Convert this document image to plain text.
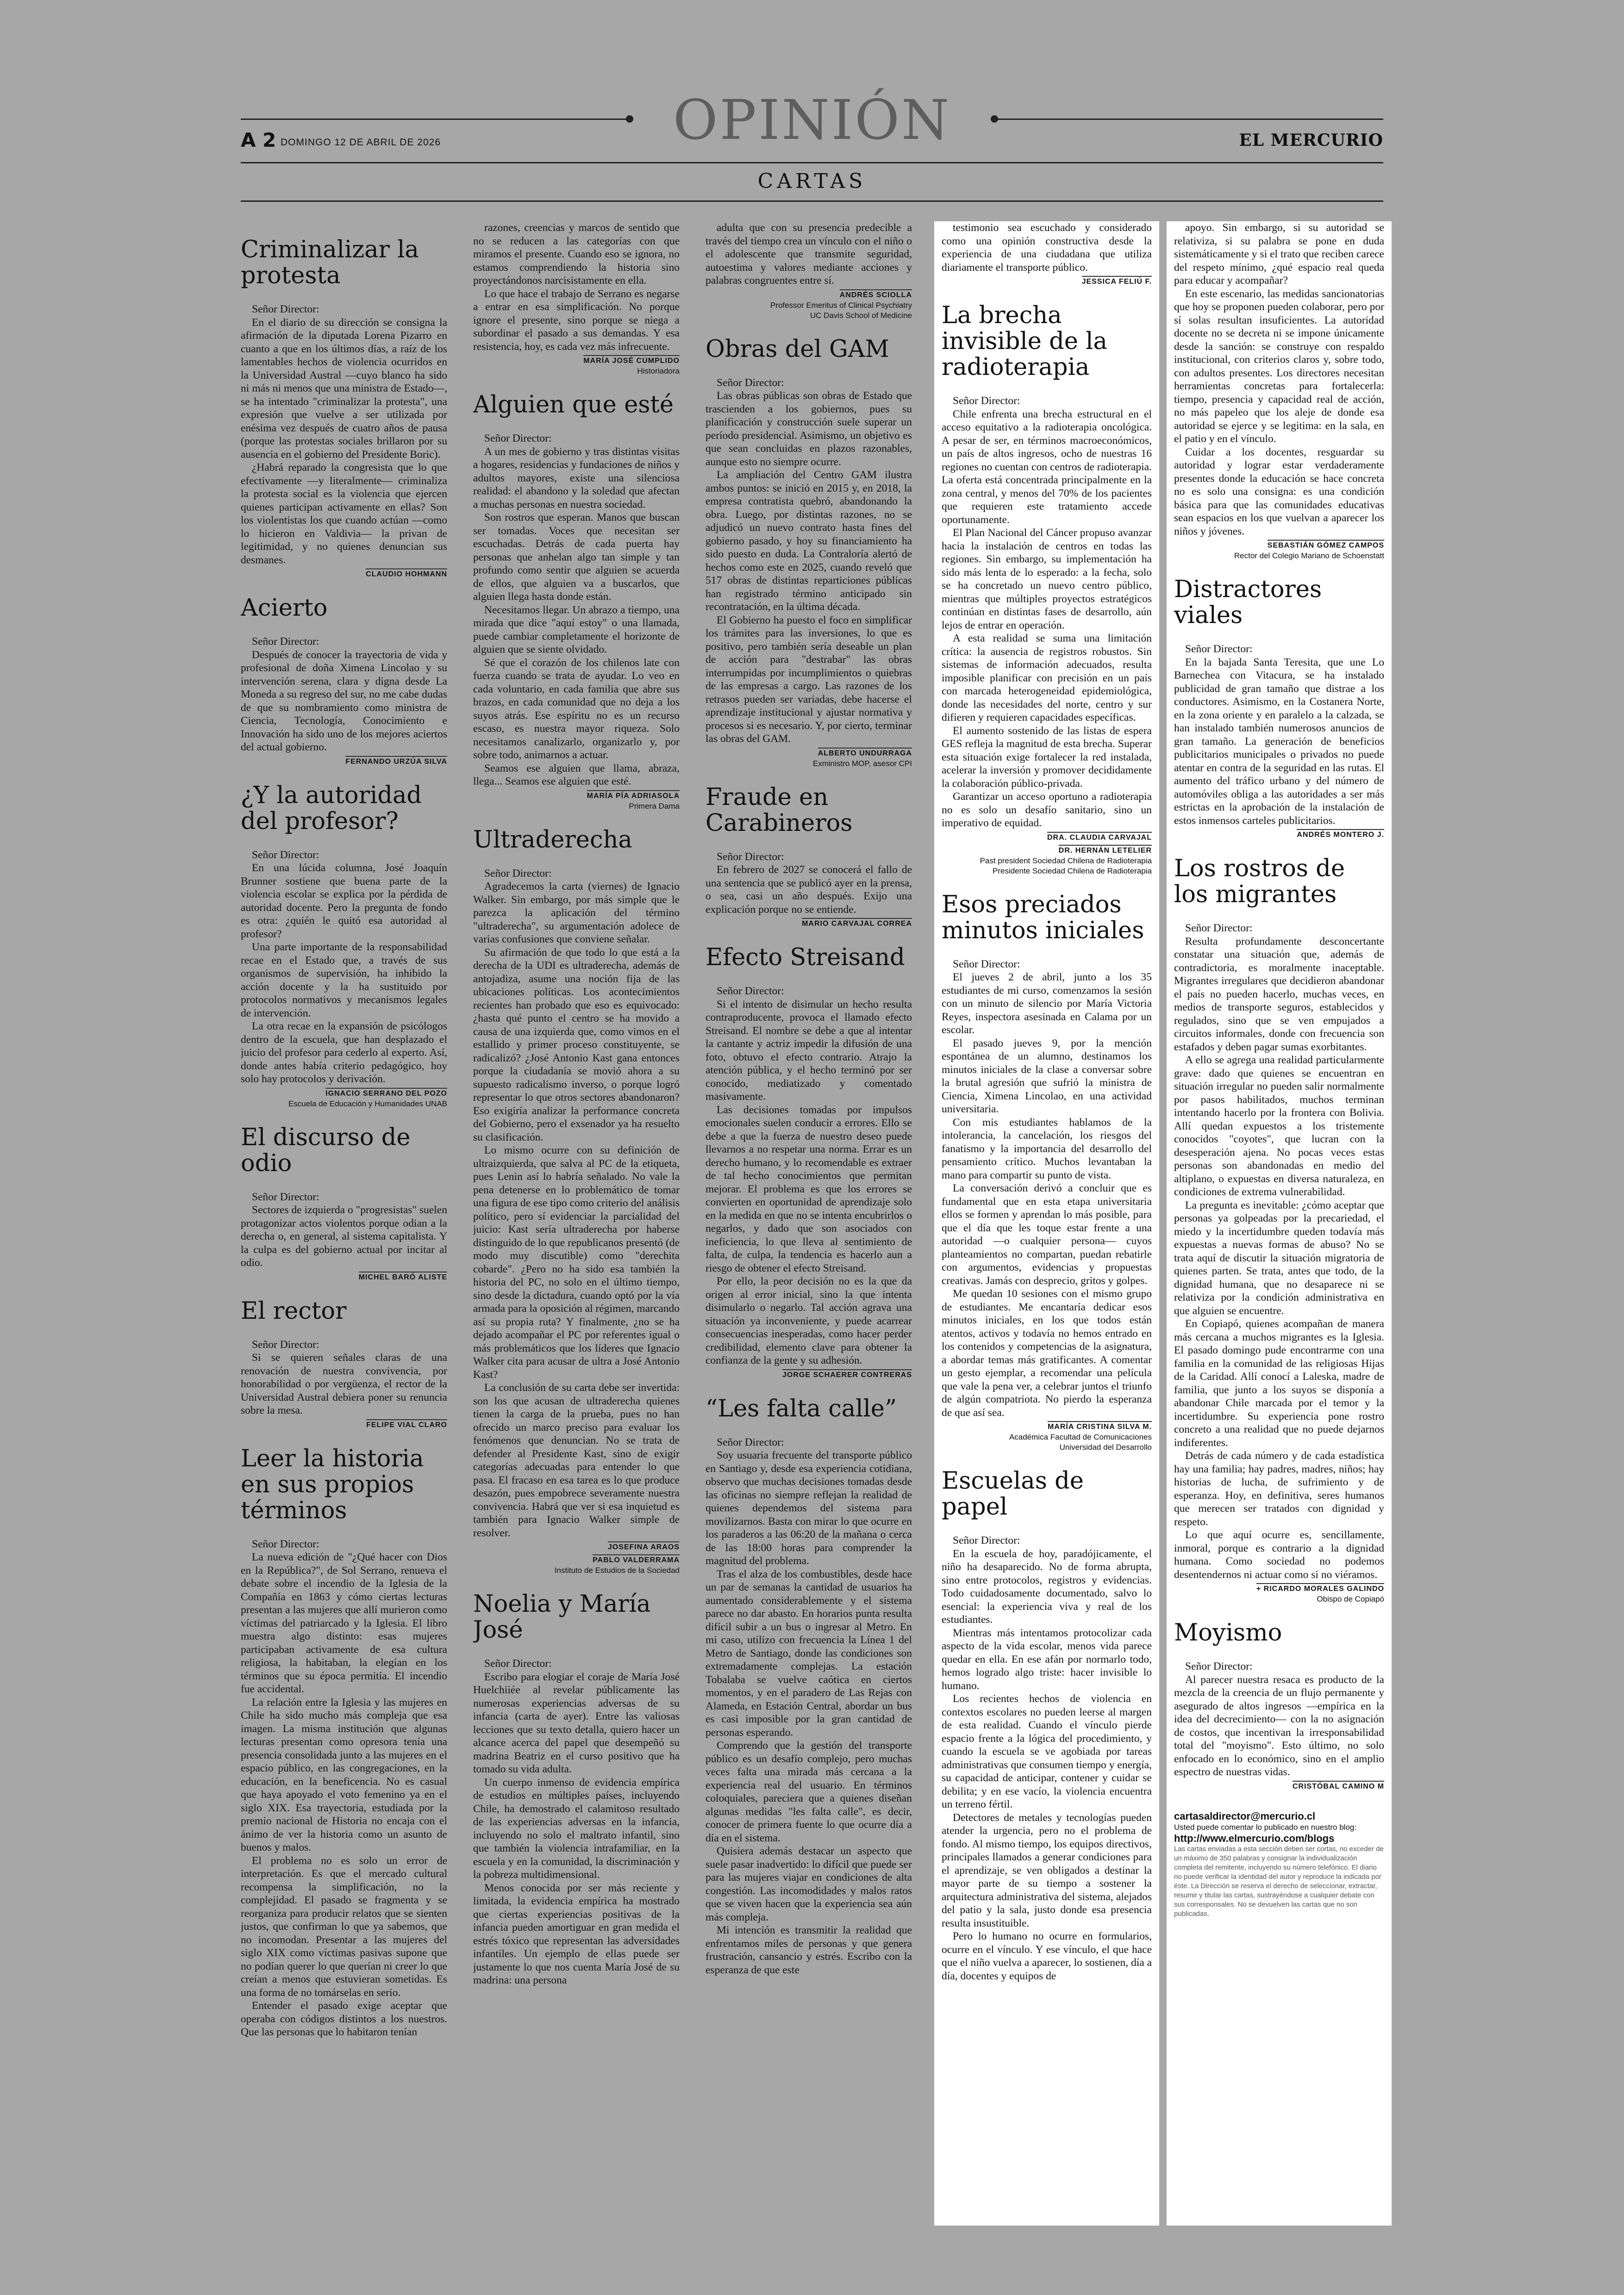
OPINIÓN
A 2 DOMINGO 12 DE ABRIL DE 2026	EL MERCURIO
CARTAS
Criminalizar la protesta

Señor Director:

En el diario de su dirección se consigna la afirmación de la diputada Lorena Pizarro en cuanto a que en los últimos días, a raíz de los lamentables hechos de violencia ocurridos en la Universidad Austral —cuyo blanco ha sido ni más ni menos que una ministra de Estado—, se ha intentado "criminalizar la protesta", una expresión que vuelve a ser utilizada por enésima vez después de cuatro años de pausa (porque las protestas sociales brillaron por su ausencia en el gobierno del Presidente Boric).

¿Habrá reparado la congresista que lo que efectivamente —y literalmente— criminaliza la protesta social es la violencia que ejercen quienes participan activamente en ellas? Son los violentistas los que cuando actúan —como lo hicieron en Valdivia— la privan de legitimidad, y no quienes denuncian sus desmanes.

CLAUDIO HOHMANN
Acierto

Señor Director:

Después de conocer la trayectoria de vida y profesional de doña Ximena Lincolao y su intervención serena, clara y digna desde La Moneda a su regreso del sur, no me cabe dudas de que su nombramiento como ministra de Ciencia, Tecnología, Conocimiento e Innovación ha sido uno de los mejores aciertos del actual gobierno.

FERNANDO URZÚA SILVA
¿Y la autoridad del profesor?

Señor Director:

En una lúcida columna, José Joaquín Brunner sostiene que buena parte de la violencia escolar se explica por la pérdida de autoridad docente. Pero la pregunta de fondo es otra: ¿quién le quitó esa autoridad al profesor?

Una parte importante de la responsabilidad recae en el Estado que, a través de sus organismos de supervisión, ha inhibido la acción docente y la ha sustituido por protocolos normativos y mecanismos legales de intervención.

La otra recae en la expansión de psicólogos dentro de la escuela, que han desplazado el juicio del profesor para cederlo al experto. Así, donde antes había criterio pedagógico, hoy solo hay protocolos y derivación.

IGNACIO SERRANO DEL POZO
Escuela de Educación y Humanidades UNAB
El discurso de odio

Señor Director:

Sectores de izquierda o "progresistas" suelen protagonizar actos violentos porque odian a la derecha o, en general, al sistema capitalista. Y la culpa es del gobierno actual por incitar al odio.

MICHEL BARÓ ALISTE
El rector

Señor Director:

Si se quieren señales claras de una renovación de nuestra convivencia, por honorabilidad o por vergüenza, el rector de la Universidad Austral debiera poner su renuncia sobre la mesa.

FELIPE VIAL CLARO
Leer la historia en sus propios términos

Señor Director:

La nueva edición de "¿Qué hacer con Dios en la República?", de Sol Serrano, renueva el debate sobre el incendio de la Iglesia de la Compañía en 1863 y cómo ciertas lecturas presentan a las mujeres que allí murieron como víctimas del patriarcado y la Iglesia. El libro muestra algo distinto: esas mujeres participaban activamente de esa cultura religiosa, la habitaban, la elegían en los términos que su época permitía. El incendio fue accidental.

La relación entre la Iglesia y las mujeres en Chile ha sido mucho más compleja que esa imagen. La misma institución que algunas lecturas presentan como opresora tenía una presencia consolidada junto a las mujeres en el espacio público, en las congregaciones, en la educación, en la beneficencia. No es casual que haya apoyado el voto femenino ya en el siglo XIX. Esa trayectoria, estudiada por la premio nacional de Historia no encaja con el ánimo de ver la historia como un asunto de buenos y malos.

El problema no es solo un error de interpretación. Es que el mercado cultural recompensa la simplificación, no la complejidad. El pasado se fragmenta y se reorganiza para producir relatos que se sienten justos, que confirman lo que ya sabemos, que no incomodan. Presentar a las mujeres del siglo XIX como víctimas pasivas supone que no podían querer lo que querían ni creer lo que creían a menos que estuvieran sometidas. Es una forma de no tomárselas en serio.

Entender el pasado exige aceptar que operaba con códigos distintos a los nuestros. Que las personas que lo habitaron tenían

razones, creencias y marcos de sentido que no se reducen a las categorías con que miramos el presente. Cuando eso se ignora, no estamos comprendiendo la historia sino proyectándonos narcisistamente en ella.

Lo que hace el trabajo de Serrano es negarse a entrar en esa simplificación. No porque ignore el presente, sino porque se niega a subordinar el pasado a sus demandas. Y esa resistencia, hoy, es cada vez más infrecuente.

MARÍA JOSÉ CUMPLIDO
Historiadora
Alguien que esté

Señor Director:

A un mes de gobierno y tras distintas visitas a hogares, residencias y fundaciones de niños y adultos mayores, existe una silenciosa realidad: el abandono y la soledad que afectan a muchas personas en nuestra sociedad.

Son rostros que esperan. Manos que buscan ser tomadas. Voces que necesitan ser escuchadas. Detrás de cada puerta hay personas que anhelan algo tan simple y tan profundo como sentir que alguien se acuerda de ellos, que alguien va a buscarlos, que alguien llega hasta donde están.

Necesitamos llegar. Un abrazo a tiempo, una mirada que dice "aquí estoy" o una llamada, puede cambiar completamente el horizonte de alguien que se siente olvidado.

Sé que el corazón de los chilenos late con fuerza cuando se trata de ayudar. Lo veo en cada voluntario, en cada familia que abre sus brazos, en cada comunidad que no deja a los suyos atrás. Ese espíritu no es un recurso escaso, es nuestra mayor riqueza. Solo necesitamos canalizarlo, organizarlo y, por sobre todo, animarnos a actuar.

Seamos ese alguien que llama, abraza, llega... Seamos ese alguien que esté.

MARÍA PÍA ADRIASOLA
Primera Dama
Ultraderecha

Señor Director:

Agradecemos la carta (viernes) de Ignacio Walker. Sin embargo, por más simple que le parezca la aplicación del término "ultraderecha", su argumentación adolece de varias confusiones que conviene señalar.

Su afirmación de que todo lo que está a la derecha de la UDI es ultraderecha, además de antojadiza, asume una noción fija de las ubicaciones políticas. Los acontecimientos recientes han probado que eso es equivocado: ¿hasta qué punto el centro se ha movido a causa de una izquierda que, como vimos en el estallido y primer proceso constituyente, se radicalizó? ¿José Antonio Kast gana entonces porque la ciudadanía se movió ahora a su supuesto radicalismo inverso, o porque logró representar lo que otros sectores abandonaron? Eso exigiría analizar la performance concreta del Gobierno, pero el exsenador ya ha resuelto su clasificación.

Lo mismo ocurre con su definición de ultraizquierda, que salva al PC de la etiqueta, pues Lenin así lo habría señalado. No vale la pena detenerse en lo problemático de tomar una figura de ese tipo como criterio del análisis político, pero sí evidenciar la parcialidad del juicio: Kast sería ultraderecha por haberse distinguido de lo que republicanos presentó (de modo muy discutible) como "derechita cobarde". ¿Pero no ha sido esa también la historia del PC, no solo en el último tiempo, sino desde la dictadura, cuando optó por la vía armada para la oposición al régimen, marcando así su propia ruta? Y finalmente, ¿no se ha dejado acompañar el PC por referentes igual o más problemáticos que los líderes que Ignacio Walker cita para acusar de ultra a José Antonio Kast?

La conclusión de su carta debe ser invertida: son los que acusan de ultraderecha quienes tienen la carga de la prueba, pues no han ofrecido un marco preciso para evaluar los fenómenos que denuncian. No se trata de defender al Presidente Kast, sino de exigir categorías adecuadas para entender lo que pasa. El fracaso en esa tarea es lo que produce desazón, pues empobrece severamente nuestra convivencia. Habrá que ver si esa inquietud es también para Ignacio Walker simple de resolver.

JOSEFINA ARAOS
PABLO VALDERRAMA
Instituto de Estudios de la Sociedad
Noelia y María José

Señor Director:

Escribo para elogiar el coraje de María José Huelchiiée al revelar públicamente las numerosas experiencias adversas de su infancia (carta de ayer). Entre las valiosas lecciones que su texto detalla, quiero hacer un alcance acerca del papel que desempeñó su madrina Beatriz en el curso positivo que ha tomado su vida adulta.

Un cuerpo inmenso de evidencia empírica de estudios en múltiples países, incluyendo Chile, ha demostrado el calamitoso resultado de las experiencias adversas en la infancia, incluyendo no solo el maltrato infantil, sino que también la violencia intrafamiliar, en la escuela y en la comunidad, la discriminación y la pobreza multidimensional.

Menos conocida por ser más reciente y limitada, la evidencia empírica ha mostrado que ciertas experiencias positivas de la infancia pueden amortiguar en gran medida el estrés tóxico que representan las adversidades infantiles. Un ejemplo de ellas puede ser justamente lo que nos cuenta María José de su madrina: una persona

adulta que con su presencia predecible a través del tiempo crea un vínculo con el niño o el adolescente que transmite seguridad, autoestima y valores mediante acciones y palabras congruentes entre sí.

ANDRÉS SCIOLLA
Professor Emeritus of Clinical Psychiatry
UC Davis School of Medicine
Obras del GAM

Señor Director:

Las obras públicas son obras de Estado que trascienden a los gobiernos, pues su planificación y construcción suele superar un período presidencial. Asimismo, un objetivo es que sean concluidas en plazos razonables, aunque esto no siempre ocurre.

La ampliación del Centro GAM ilustra ambos puntos: se inició en 2015 y, en 2018, la empresa contratista quebró, abandonando la obra. Luego, por distintas razones, no se adjudicó un nuevo contrato hasta fines del gobierno pasado, y hoy su financiamiento ha sido puesto en duda. La Contraloría alertó de hechos como este en 2025, cuando reveló que 517 obras de distintas reparticiones públicas han registrado término anticipado sin recontratación, en la última década.

El Gobierno ha puesto el foco en simplificar los trámites para las inversiones, lo que es positivo, pero también sería deseable un plan de acción para "destrabar" las obras interrumpidas por incumplimientos o quiebras de las empresas a cargo. Las razones de los retrasos pueden ser variadas, debe hacerse el aprendizaje institucional y ajustar normativa y procesos si es necesario. Y, por cierto, terminar las obras del GAM.

ALBERTO UNDURRAGA
Exministro MOP, asesor CPI
Fraude en Carabineros

Señor Director:

En febrero de 2027 se conocerá el fallo de una sentencia que se publicó ayer en la prensa, o sea, casi un año después. Exijo una explicación porque no se entiende.

MARIO CARVAJAL CORREA
Efecto Streisand

Señor Director:

Si el intento de disimular un hecho resulta contraproducente, provoca el llamado efecto Streisand. El nombre se debe a que al intentar la cantante y actriz impedir la difusión de una foto, obtuvo el efecto contrario. Atrajo la atención pública, y el hecho terminó por ser conocido, mediatizado y comentado masivamente.

Las decisiones tomadas por impulsos emocionales suelen conducir a errores. Ello se debe a que la fuerza de nuestro deseo puede llevarnos a no respetar una norma. Errar es un derecho humano, y lo recomendable es extraer de tal hecho conocimientos que permitan mejorar. El problema es que los errores se convierten en oportunidad de aprendizaje solo en la medida en que no se intenta encubrirlos o negarlos, y dado que son asociados con ineficiencia, lo que lleva al sentimiento de falta, de culpa, la tendencia es hacerlo aun a riesgo de obtener el efecto Streisand.

Por ello, la peor decisión no es la que da origen al error inicial, sino la que intenta disimularlo o negarlo. Tal acción agrava una situación ya inconveniente, y puede acarrear consecuencias inesperadas, como hacer perder credibilidad, elemento clave para obtener la confianza de la gente y su adhesión.

JORGE SCHAERER CONTRERAS
“Les falta calle”

Señor Director:

Soy usuaria frecuente del transporte público en Santiago y, desde esa experiencia cotidiana, observo que muchas decisiones tomadas desde las oficinas no siempre reflejan la realidad de quienes dependemos del sistema para movilizarnos. Basta con mirar lo que ocurre en los paraderos a las 06:20 de la mañana o cerca de las 18:00 horas para comprender la magnitud del problema.

Tras el alza de los combustibles, desde hace un par de semanas la cantidad de usuarios ha aumentado considerablemente y el sistema parece no dar abasto. En horarios punta resulta difícil subir a un bus o ingresar al Metro. En mi caso, utilizo con frecuencia la Línea 1 del Metro de Santiago, donde las condiciones son extremadamente complejas. La estación Tobalaba se vuelve caótica en ciertos momentos, y en el paradero de Las Rejas con Alameda, en Estación Central, abordar un bus es casi imposible por la gran cantidad de personas esperando.

Comprendo que la gestión del transporte público es un desafío complejo, pero muchas veces falta una mirada más cercana a la experiencia real del usuario. En términos coloquiales, pareciera que a quienes diseñan algunas medidas "les falta calle", es decir, conocer de primera fuente lo que ocurre día a día en el sistema.

Quisiera además destacar un aspecto que suele pasar inadvertido: lo difícil que puede ser para las mujeres viajar en condiciones de alta congestión. Las incomodidades y malos ratos que se viven hacen que la experiencia sea aún más compleja.

Mi intención es transmitir la realidad que enfrentamos miles de personas y que genera frustración, cansancio y estrés. Escribo con la esperanza de que este

testimonio sea escuchado y considerado como una opinión constructiva desde la experiencia de una ciudadana que utiliza diariamente el transporte público.

JESSICA FELIÚ F.
La brecha invisible de la radioterapia

Señor Director:

Chile enfrenta una brecha estructural en el acceso equitativo a la radioterapia oncológica. A pesar de ser, en términos macroeconómicos, un país de altos ingresos, ocho de nuestras 16 regiones no cuentan con centros de radioterapia. La oferta está concentrada principalmente en la zona central, y menos del 70% de los pacientes que requieren este tratamiento accede oportunamente.

El Plan Nacional del Cáncer propuso avanzar hacia la instalación de centros en todas las regiones. Sin embargo, su implementación ha sido más lenta de lo esperado: a la fecha, solo se ha concretado un nuevo centro público, mientras que múltiples proyectos estratégicos continúan en distintas fases de desarrollo, aún lejos de entrar en operación.

A esta realidad se suma una limitación crítica: la ausencia de registros robustos. Sin sistemas de información adecuados, resulta imposible planificar con precisión en un país con marcada heterogeneidad epidemiológica, donde las necesidades del norte, centro y sur difieren y requieren capacidades específicas.

El aumento sostenido de las listas de espera GES refleja la magnitud de esta brecha. Superar esta situación exige fortalecer la red instalada, acelerar la inversión y promover decididamente la colaboración público-privada.

Garantizar un acceso oportuno a radioterapia no es solo un desafío sanitario, sino un imperativo de equidad.

DRA. CLAUDIA CARVAJAL
DR. HERNÁN LETELIER
Past president Sociedad Chilena de Radioterapia
Presidente Sociedad Chilena de Radioterapia
Esos preciados minutos iniciales

Señor Director:

El jueves 2 de abril, junto a los 35 estudiantes de mi curso, comenzamos la sesión con un minuto de silencio por María Victoria Reyes, inspectora asesinada en Calama por un escolar.

El pasado jueves 9, por la mención espontánea de un alumno, destinamos los minutos iniciales de la clase a conversar sobre la brutal agresión que sufrió la ministra de Ciencia, Ximena Lincolao, en una actividad universitaria.

Con mis estudiantes hablamos de la intolerancia, la cancelación, los riesgos del fanatismo y la importancia del desarrollo del pensamiento crítico. Muchos levantaban la mano para compartir su punto de vista.

La conversación derivó a concluir que es fundamental que en esta etapa universitaria ellos se formen y aprendan lo más posible, para que el día que les toque estar frente a una autoridad —o cualquier persona— cuyos planteamientos no compartan, puedan rebatirle con argumentos, evidencias y propuestas creativas. Jamás con desprecio, gritos y golpes.

Me quedan 10 sesiones con el mismo grupo de estudiantes. Me encantaría dedicar esos minutos iniciales, en los que todos están atentos, activos y todavía no hemos entrado en los contenidos y competencias de la asignatura, a abordar temas más gratificantes. A comentar un gesto ejemplar, a recomendar una película que vale la pena ver, a celebrar juntos el triunfo de algún compatriota. No pierdo la esperanza de que así sea.

MARÍA CRISTINA SILVA M.
Académica Facultad de Comunicaciones
Universidad del Desarrollo
Escuelas de papel

Señor Director:

En la escuela de hoy, paradójicamente, el niño ha desaparecido. No de forma abrupta, sino entre protocolos, registros y evidencias. Todo cuidadosamente documentado, salvo lo esencial: la experiencia viva y real de los estudiantes.

Mientras más intentamos protocolizar cada aspecto de la vida escolar, menos vida parece quedar en ella. En ese afán por normarlo todo, hemos logrado algo triste: hacer invisible lo humano.

Los recientes hechos de violencia en contextos escolares no pueden leerse al margen de esta realidad. Cuando el vínculo pierde espacio frente a la lógica del procedimiento, y cuando la escuela se ve agobiada por tareas administrativas que consumen tiempo y energía, su capacidad de anticipar, contener y cuidar se debilita; y en ese vacío, la violencia encuentra un terreno fértil.

Detectores de metales y tecnologías pueden atender la urgencia, pero no el problema de fondo. Al mismo tiempo, los equipos directivos, principales llamados a generar condiciones para el aprendizaje, se ven obligados a destinar la mayor parte de su tiempo a sostener la arquitectura administrativa del sistema, alejados del patio y la sala, justo donde esa presencia resulta insustituible.

Pero lo humano no ocurre en formularios, ocurre en el vínculo. Y ese vínculo, el que hace que el niño vuelva a aparecer, lo sostienen, día a día, docentes y equipos de

apoyo. Sin embargo, si su autoridad se relativiza, si su palabra se pone en duda sistemáticamente y si el trato que reciben carece del respeto mínimo, ¿qué espacio real queda para educar y acompañar?

En este escenario, las medidas sancionatorias que hoy se proponen pueden colaborar, pero por sí solas resultan insuficientes. La autoridad docente no se decreta ni se impone únicamente desde la sanción: se construye con respaldo institucional, con criterios claros y, sobre todo, con adultos presentes. Los directores necesitan herramientas concretas para fortalecerla: tiempo, presencia y capacidad real de acción, no más papeleo que los aleje de donde esa autoridad se ejerce y se legitima: en la sala, en el patio y en el vínculo.

Cuidar a los docentes, resguardar su autoridad y lograr estar verdaderamente presentes donde la educación se hace concreta no es solo una consigna: es una condición básica para que las comunidades educativas sean espacios en los que vuelvan a aparecer los niños y jóvenes.

SEBASTIÁN GÓMEZ CAMPOS
Rector del Colegio Mariano de Schoenstatt
Distractores viales

Señor Director:

En la bajada Santa Teresita, que une Lo Barnechea con Vitacura, se ha instalado publicidad de gran tamaño que distrae a los conductores. Asimismo, en la Costanera Norte, en la zona oriente y en paralelo a la calzada, se han instalado también numerosos anuncios de gran tamaño. La generación de beneficios publicitarios municipales o privados no puede atentar en contra de la seguridad en las rutas. El aumento del tráfico urbano y del número de automóviles obliga a las autoridades a ser más estrictas en la aprobación de la instalación de estos inmensos carteles publicitarios.

ANDRÉS MONTERO J.
Los rostros de los migrantes

Señor Director:

Resulta profundamente desconcertante constatar una situación que, además de contradictoria, es moralmente inaceptable. Migrantes irregulares que decidieron abandonar el país no pueden hacerlo, muchas veces, en medios de transporte seguros, establecidos y regulados, sino que se ven empujados a circuitos informales, donde con frecuencia son estafados y deben pagar sumas exorbitantes.

A ello se agrega una realidad particularmente grave: dado que quienes se encuentran en situación irregular no pueden salir normalmente por pasos habilitados, muchos terminan intentando hacerlo por la frontera con Bolivia. Allí quedan expuestos a los tristemente conocidos "coyotes", que lucran con la desesperación ajena. No pocas veces estas personas son abandonadas en medio del altiplano, o expuestas en diversa naturaleza, en condiciones de extrema vulnerabilidad.

La pregunta es inevitable: ¿cómo aceptar que personas ya golpeadas por la precariedad, el miedo y la incertidumbre queden todavía más expuestas a nuevas formas de abuso? No se trata aquí de discutir la situación migratoria de quienes parten. Se trata, antes que todo, de la dignidad humana, que no desaparece ni se relativiza por la condición administrativa en que alguien se encuentre.

En Copiapó, quienes acompañan de manera más cercana a muchos migrantes es la Iglesia. El pasado domingo pude encontrarme con una familia en la comunidad de las religiosas Hijas de la Caridad. Allí conocí a Laleska, madre de familia, que junto a los suyos se disponía a abandonar Chile marcada por el temor y la incertidumbre. Su experiencia pone rostro concreto a una realidad que no puede dejarnos indiferentes.

Detrás de cada número y de cada estadística hay una familia; hay padres, madres, niños; hay historias de lucha, de sufrimiento y de esperanza. Hoy, en definitiva, seres humanos que merecen ser tratados con dignidad y respeto.

Lo que aquí ocurre es, sencillamente, inmoral, porque es contrario a la dignidad humana. Como sociedad no podemos desentendernos ni actuar como si no viéramos.

+ RICARDO MORALES GALINDO
Obispo de Copiapó
Moyismo

Señor Director:

Al parecer nuestra resaca es producto de la mezcla de la creencia de un flujo permanente y asegurado de altos ingresos —empírica en la idea del decrecimiento— con la no asignación de costos, que incentivan la irresponsabilidad total del "moyismo". Esto último, no solo enfocado en lo económico, sino en el amplio espectro de nuestras vidas.

CRISTÓBAL CAMINO M
cartasaldirector@mercurio.cl
Usted puede comentar lo publicado en nuestro blog:
http://www.elmercurio.com/blogs
Las cartas enviadas a esta sección deben ser cortas, no exceder de un máximo de 350 palabras y consignar la individualización completa del remitente, incluyendo su número telefónico. El diario no puede verificar la identidad del autor y reproduce la indicada por éste. La Dirección se reserva el derecho de seleccionar, extractar, resumir y titular las cartas, sustrayéndose a cualquier debate con sus corresponsales. No se devuelven las cartas que no son publicadas.
